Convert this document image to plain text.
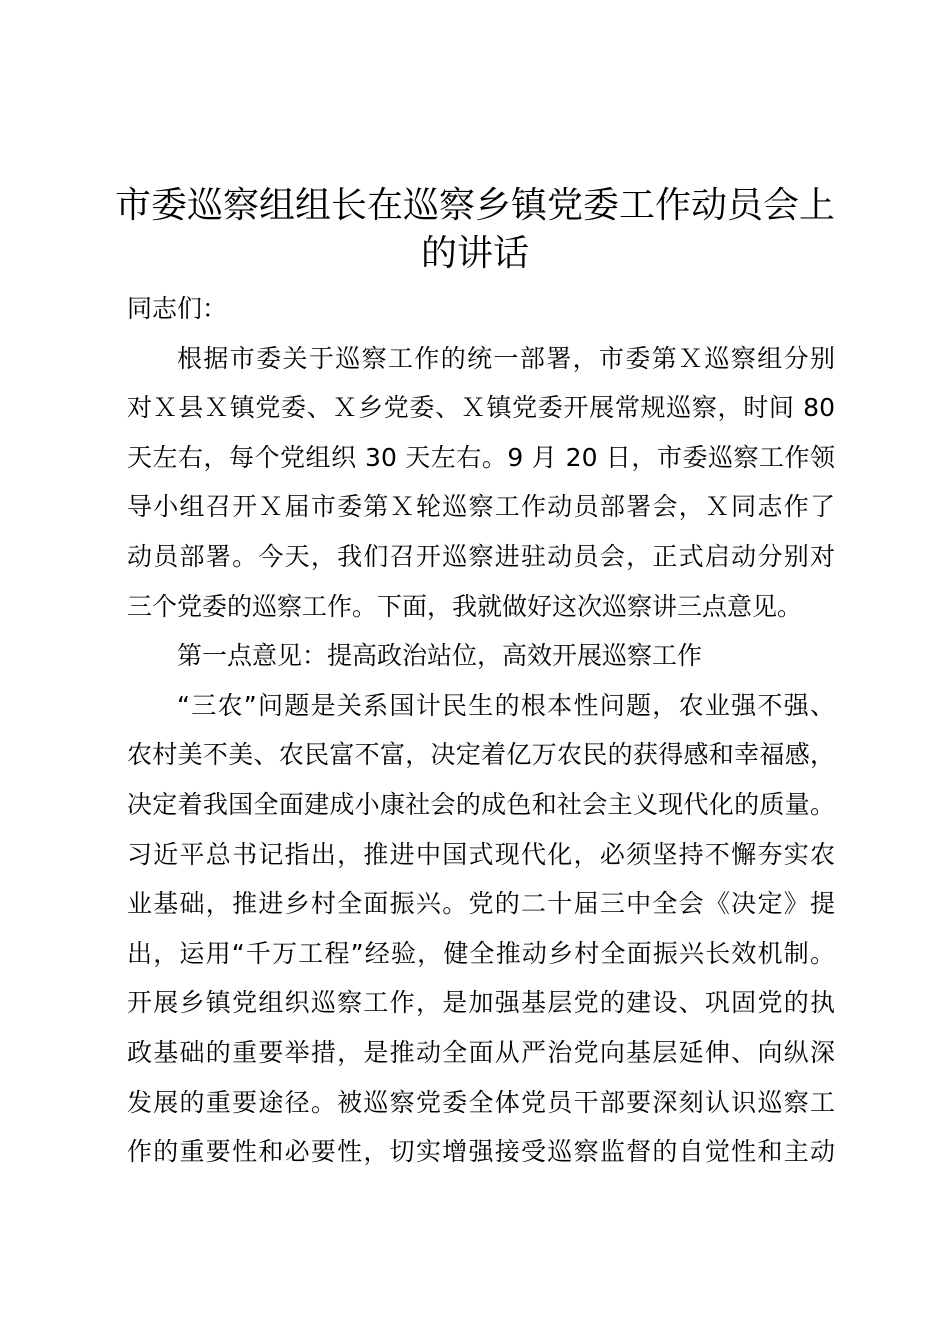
市委巡察组组长在巡察乡镇党委工作动员会上
的讲话
同志们：
根据市委关于巡察工作的统一部署，市委第Ｘ巡察组分别
对Ｘ县Ｘ镇党委、Ｘ乡党委、Ｘ镇党委开展常规巡察，时间 80
天左右，每个党组织 30 天左右。9 月 20 日，市委巡察工作领
导小组召开Ｘ届市委第Ｘ轮巡察工作动员部署会，Ｘ同志作了
动员部署。今天，我们召开巡察进驻动员会，正式启动分别对
三个党委的巡察工作。下面，我就做好这次巡察讲三点意见。
第一点意见：提高政治站位，高效开展巡察工作
“三农”问题是关系国计民生的根本性问题，农业强不强、
农村美不美、农民富不富，决定着亿万农民的获得感和幸福感，
决定着我国全面建成小康社会的成色和社会主义现代化的质量。
习近平总书记指出，推进中国式现代化，必须坚持不懈夯实农
业基础，推进乡村全面振兴。党的二十届三中全会《决定》提
出，运用“千万工程”经验，健全推动乡村全面振兴长效机制。
开展乡镇党组织巡察工作，是加强基层党的建设、巩固党的执
政基础的重要举措，是推动全面从严治党向基层延伸、向纵深
发展的重要途径。被巡察党委全体党员干部要深刻认识巡察工
作的重要性和必要性，切实增强接受巡察监督的自觉性和主动
